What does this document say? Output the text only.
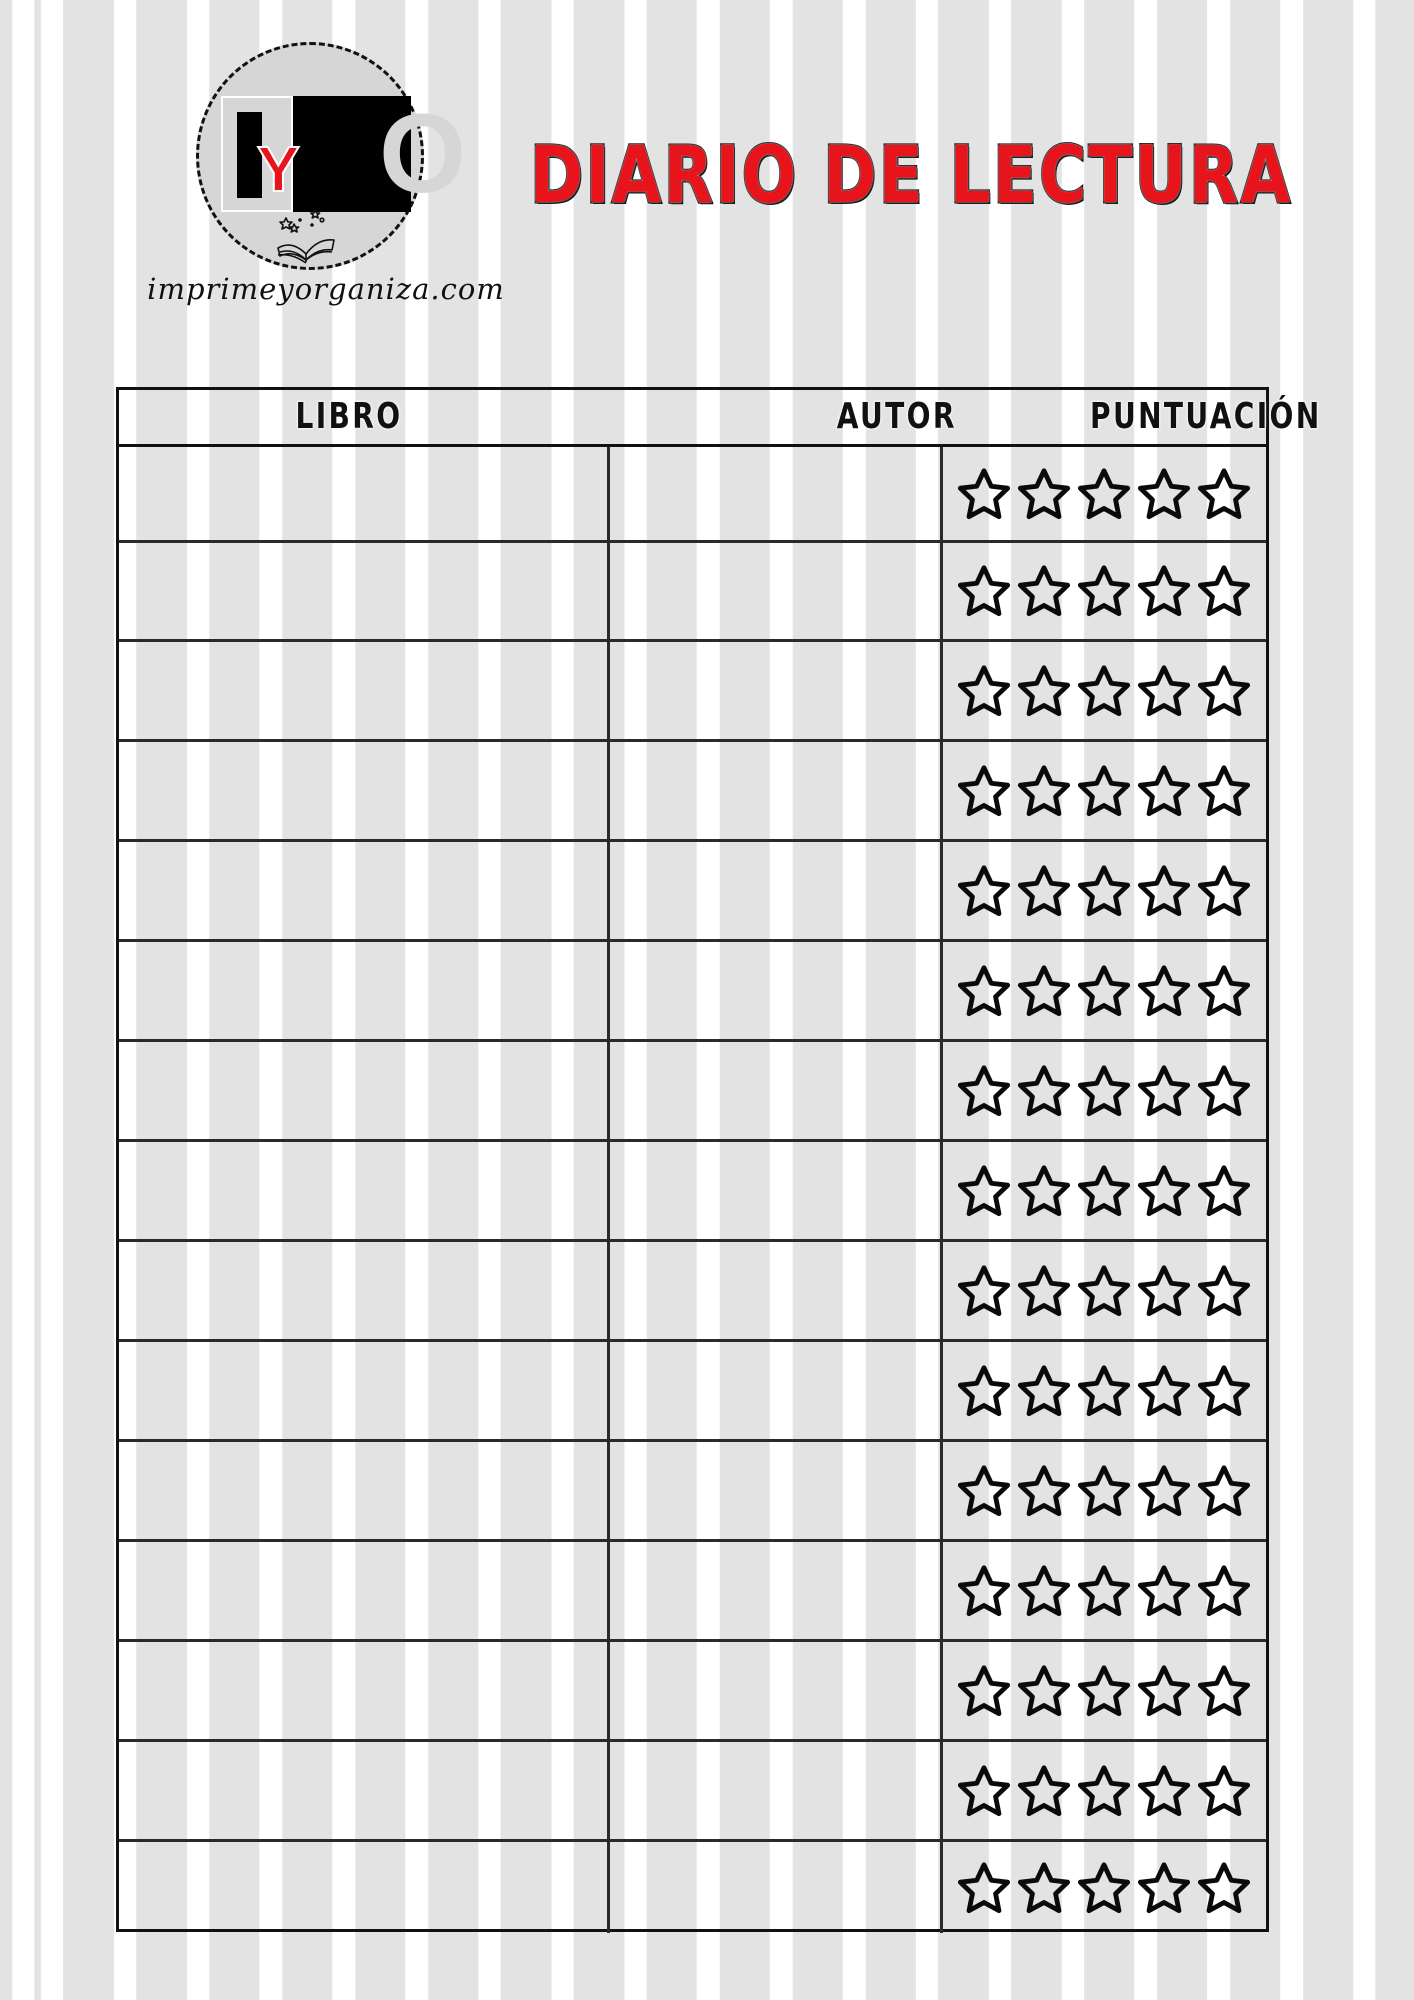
O
Y
imprimeyorganiza.com
DIARIO DE LECTURA
LIBRO	AUTOR	PUNTUACIÓN
